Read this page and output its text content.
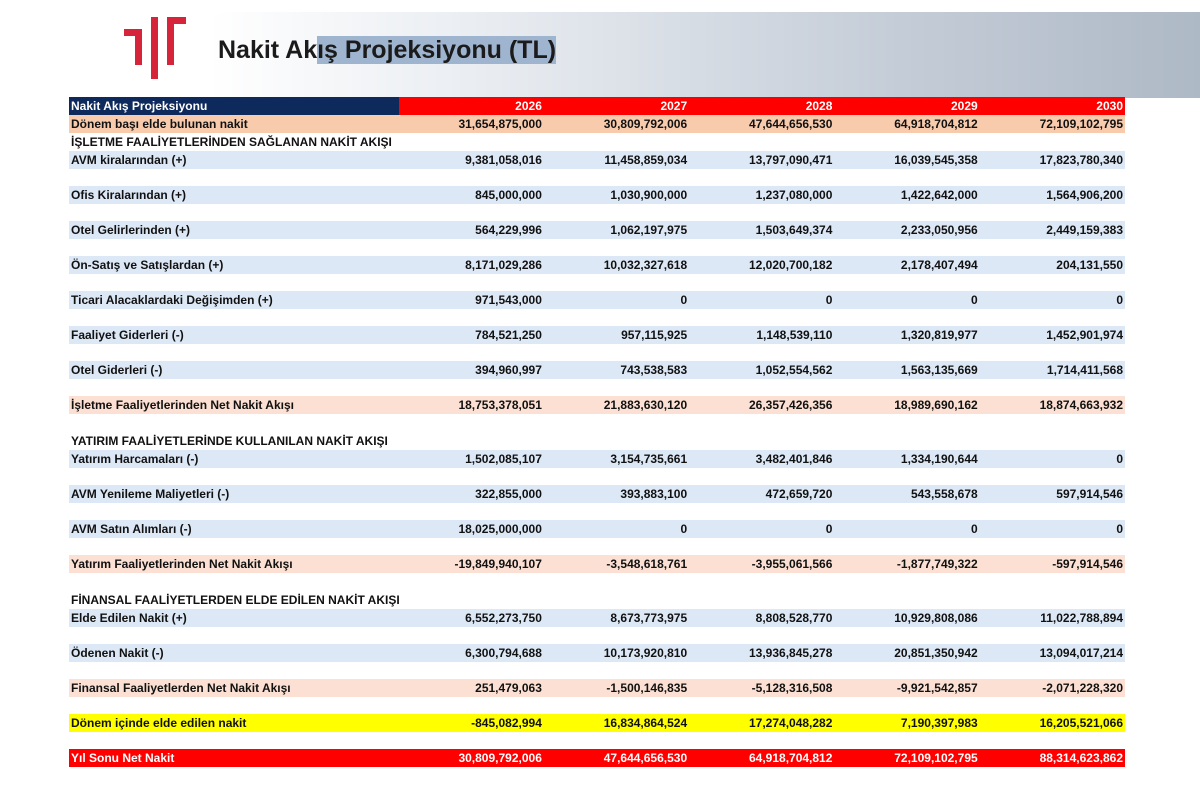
Nakit Akış Projeksiyonu (TL)
Nakit Akış Projeksiyonu	2026	2027	2028	2029	2030
Dönem başı elde bulunan nakit	31,654,875,000	30,809,792,006	47,644,656,530	64,918,704,812	72,109,102,795
İŞLETME FAALİYETLERİNDEN SAĞLANAN NAKİT AKIŞI					
AVM kiralarından (+)	9,381,058,016	11,458,859,034	13,797,090,471	16,039,545,358	17,823,780,340

Ofis Kiralarından (+)	845,000,000	1,030,900,000	1,237,080,000	1,422,642,000	1,564,906,200

Otel Gelirlerinden (+)	564,229,996	1,062,197,975	1,503,649,374	2,233,050,956	2,449,159,383

Ön-Satış ve Satışlardan (+)	8,171,029,286	10,032,327,618	12,020,700,182	2,178,407,494	204,131,550

Ticari Alacaklardaki Değişimden (+)	971,543,000	0	0	0	0

Faaliyet Giderleri (-)	784,521,250	957,115,925	1,148,539,110	1,320,819,977	1,452,901,974

Otel Giderleri (-)	394,960,997	743,538,583	1,052,554,562	1,563,135,669	1,714,411,568

İşletme Faaliyetlerinden Net Nakit Akışı	18,753,378,051	21,883,630,120	26,357,426,356	18,989,690,162	18,874,663,932

YATIRIM FAALİYETLERİNDE KULLANILAN NAKİT AKIŞI					
Yatırım Harcamaları (-)	1,502,085,107	3,154,735,661	3,482,401,846	1,334,190,644	0

AVM Yenileme Maliyetleri (-)	322,855,000	393,883,100	472,659,720	543,558,678	597,914,546

AVM Satın Alımları (-)	18,025,000,000	0	0	0	0

Yatırım Faaliyetlerinden Net Nakit Akışı	-19,849,940,107	-3,548,618,761	-3,955,061,566	-1,877,749,322	-597,914,546

FİNANSAL FAALİYETLERDEN ELDE EDİLEN NAKİT AKIŞI					
Elde Edilen Nakit (+)	6,552,273,750	8,673,773,975	8,808,528,770	10,929,808,086	11,022,788,894

Ödenen Nakit (-)	6,300,794,688	10,173,920,810	13,936,845,278	20,851,350,942	13,094,017,214

Finansal Faaliyetlerden Net Nakit Akışı	251,479,063	-1,500,146,835	-5,128,316,508	-9,921,542,857	-2,071,228,320

Dönem içinde elde edilen nakit	-845,082,994	16,834,864,524	17,274,048,282	7,190,397,983	16,205,521,066

Yıl Sonu Net Nakit	30,809,792,006	47,644,656,530	64,918,704,812	72,109,102,795	88,314,623,862
